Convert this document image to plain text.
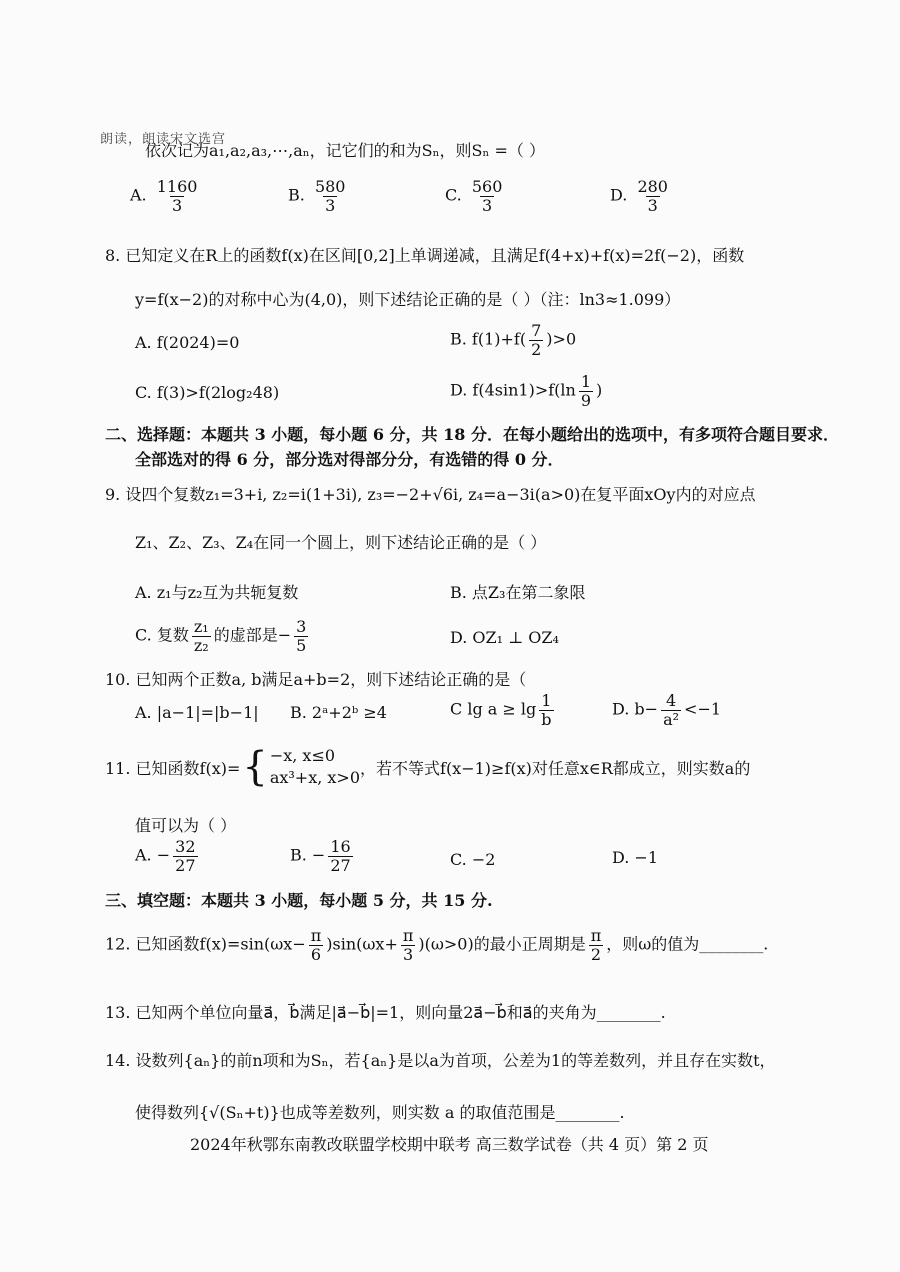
朗读，朗读宋文选宫
依次记为a₁,a₂,a₃,⋯,aₙ，记它们的和为Sₙ，则Sₙ =（ ）
A. $\frac{1160}{3}$	B. $\frac{580}{3}$	C. $\frac{560}{3}$	D. $\frac{280}{3}$
8. 已知定义在R上的函数f(x)在区间[0,2]上单调递减，且满足f(4+x)+f(x)=2f(−2)，函数
y=f(x−2)的对称中心为(4,0)，则下述结论正确的是（ ）（注：ln3≈1.099）
A. f(2024)=0	B. $f(1)+f( \frac{7}{2} )>0$
C. f(3)>f(2log₂48)	D. $f(4\sin 1)>f(\ln \frac{1}{9}$ )
二、选择题：本题共 3 小题，每小题 6 分，共 18 分．在每小题给出的选项中，有多项符合题目要求．
全部选对的得 6 分，部分选对得部分分，有选错的得 0 分．
9. 设四个复数z₁=3+i, z₂=i(1+3i), z₃=−2+√6i, z₄=a−3i(a>0)在复平面xOy内的对应点
Z₁、Z₂、Z₃、Z₄在同一个圆上，则下述结论正确的是（ ）
A. z₁与z₂互为共轭复数	B. 点Z₃在第二象限
C. 复数 $\frac{\text{z₁}}{\text{z₂}}$ 的虚部是− $\frac{3}{5}$	D. OZ₁ ⊥ OZ₄
10. 已知两个正数a, b满足a+b=2，则下述结论正确的是（
A. |a−1|=|b−1| B. 2ᵃ+2ᵇ ≥4	C $\lg a \ge \lg \frac{1}{b}$	D. $b- \frac{4}{\text{a²}} <-1$
11. 已知函数f(x)= { −x, x≤0
ax³+x, x>0 ，若不等式f(x−1)≥f(x)对任意x∈R都成立，则实数a的
值可以为（ ）
A. − $\frac{32}{27}$	B. − $\frac{16}{27}$	C. −2	D. −1
三、填空题：本题共 3 小题，每小题 5 分，共 15 分.
12. 已知函数$f(x)=\sin(\omega x- \frac{\pi}{6} )\sin(\omega x+ \frac{\pi}{3} )(\omega>0)$的最小正周期是 $\frac{\pi}{2}$ ，则ω的值为________.
13. 已知两个单位向量a⃗，b⃗满足|a⃗−b⃗|=1，则向量2a⃗−b⃗和a⃗的夹角为________.
14. 设数列{aₙ}的前n项和为Sₙ，若{aₙ}是以a为首项，公差为1的等差数列，并且存在实数t，
使得数列{√(Sₙ+t)}也成等差数列，则实数 a 的取值范围是________.
2024年秋鄂东南教改联盟学校期中联考 高三数学试卷（共 4 页）第 2 页
